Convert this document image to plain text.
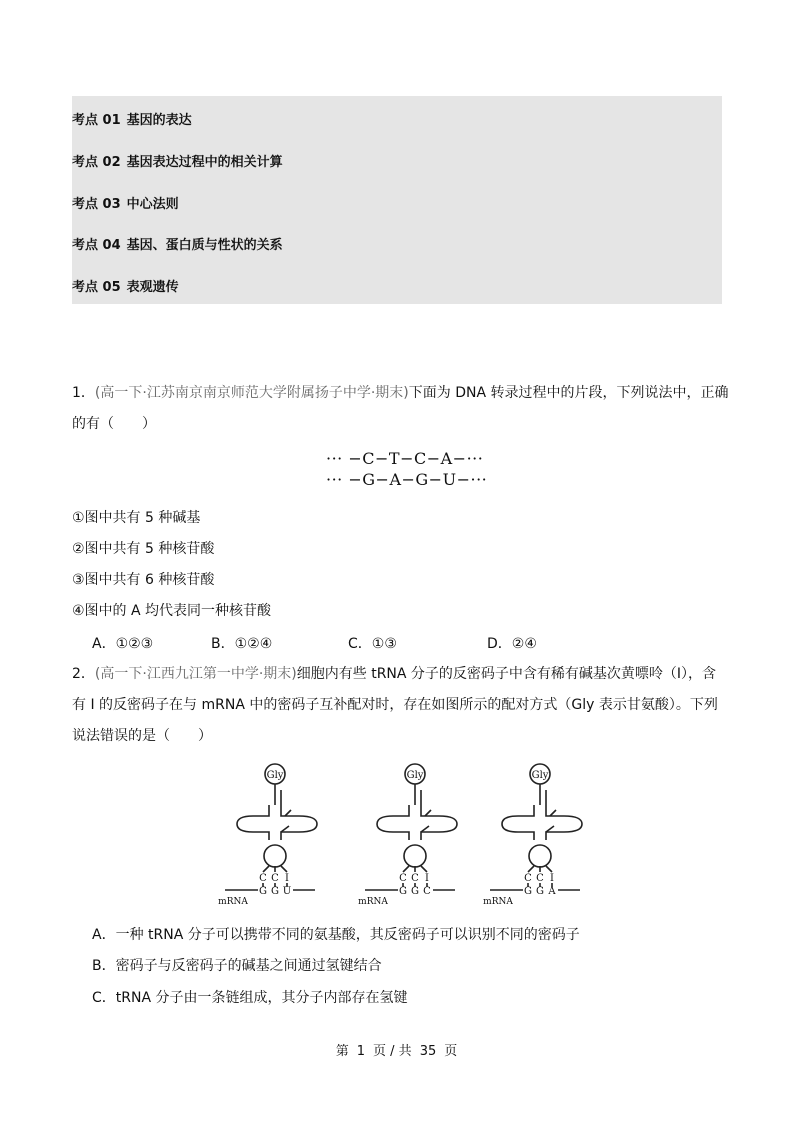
考点 01 基因的表达
考点 02 基因表达过程中的相关计算
考点 03 中心法则
考点 04 基因、蛋白质与性状的关系
考点 05 表观遗传
1．(高一下·江苏南京南京师范大学附属扬子中学·期末)下面为 DNA 转录过程中的片段，下列说法中，正确
的有（　　）
··· −C−T−C−A−···
··· −G−A−G−U−···
①图中共有 5 种碱基
②图中共有 5 种核苷酸
③图中共有 6 种核苷酸
④图中的 A 均代表同一种核苷酸
A．①②③	B．①②④	C．①③	D．②④
2．(高一下·江西九江第一中学·期末)细胞内有些 tRNA 分子的反密码子中含有稀有碱基次黄嘌呤（I），含
有 I 的反密码子在与 mRNA 中的密码子互补配对时，存在如图所示的配对方式（Gly 表示甘氨酸）。下列
说法错误的是（　　）
Gly
C C I
G G U
mRNA
Gly
C C I
G G C
mRNA
Gly
C C I
G G A
mRNA
A．一种 tRNA 分子可以携带不同的氨基酸，其反密码子可以识别不同的密码子
B．密码子与反密码子的碱基之间通过氢键结合
C．tRNA 分子由一条链组成，其分子内部存在氢键
第 1 页 / 共 35 页
